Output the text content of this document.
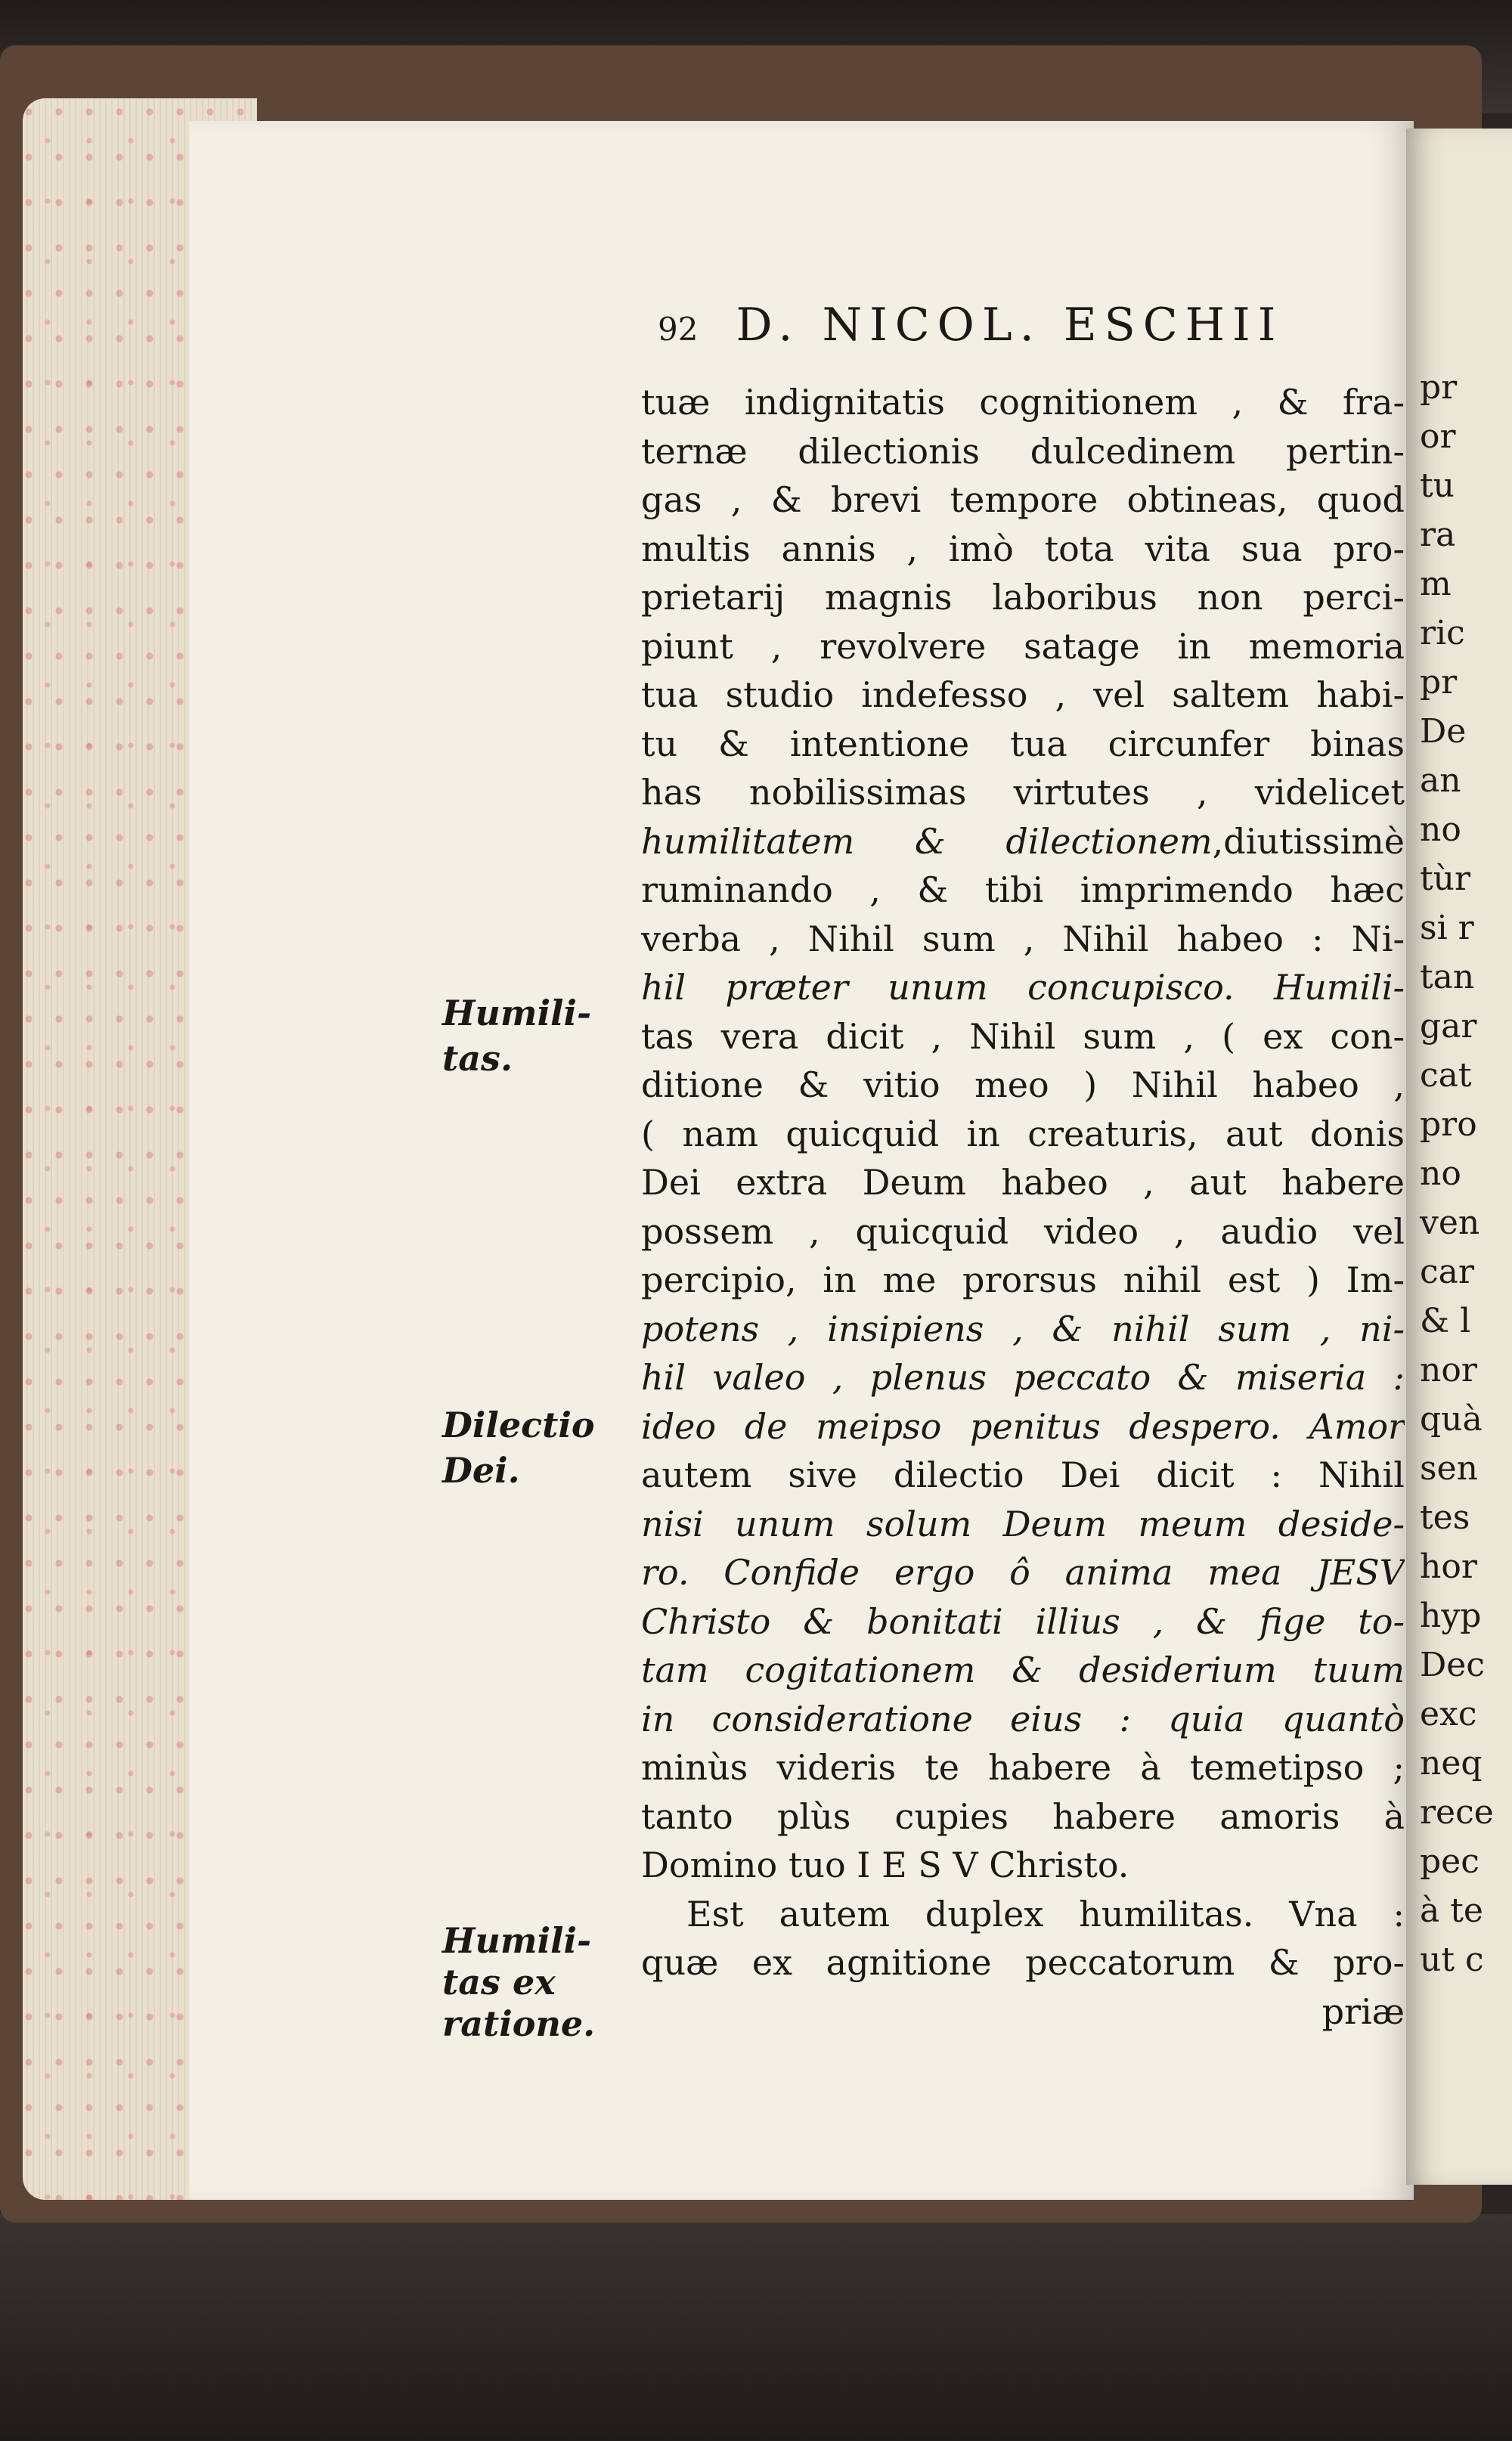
pr
or
tu
ra
m
ric
pr
De
an
no
tùr
si r
tan
gar
cat
pro
no
ven
car
& l
nor
quà
sen
tes
hor
hyp
Dec
exc
neq
rece
pec
à te
ut c
92 D. NICOL. ESCHII
tuæ indignitatis cognitionem , & fra-
ternæ dilectionis dulcedinem pertin-
gas , & brevi tempore obtineas, quod
multis annis , imò tota vita sua pro-
prietarij magnis laboribus non perci-
piunt , revolvere satage in memoria
tua studio indefesso , vel saltem habi-
tu & intentione tua circunfer binas
has nobilissimas virtutes , videlicet
humilitatem & dilectionem,diutissimè
ruminando , & tibi imprimendo hæc
verba , Nihil sum , Nihil habeo : Ni-
hil præter unum concupisco. Humili-
tas vera dicit , Nihil sum , ( ex con-
ditione & vitio meo ) Nihil habeo ,
( nam quicquid in creaturis, aut donis
Dei extra Deum habeo , aut habere
possem , quicquid video , audio vel
percipio, in me prorsus nihil est ) Im-
potens , insipiens , & nihil sum , ni-
hil valeo , plenus peccato & miseria :
ideo de meipso penitus despero. Amor
autem sive dilectio Dei dicit : Nihil
nisi unum solum Deum meum deside-
ro. Confide ergo ô anima mea JESV
Christo & bonitati illius , & fige to-
tam cogitationem & desiderium tuum
in consideratione eius : quia quantò
minùs videris te habere à temetipso ;
tanto plùs cupies habere amoris à
Domino tuo I E S V Christo.
Est autem duplex humilitas. Vna :
quæ ex agnitione peccatorum & pro-
priæ
Humili-
tas.
Dilectio
Dei.
Humili-
tas ex
ratione.
